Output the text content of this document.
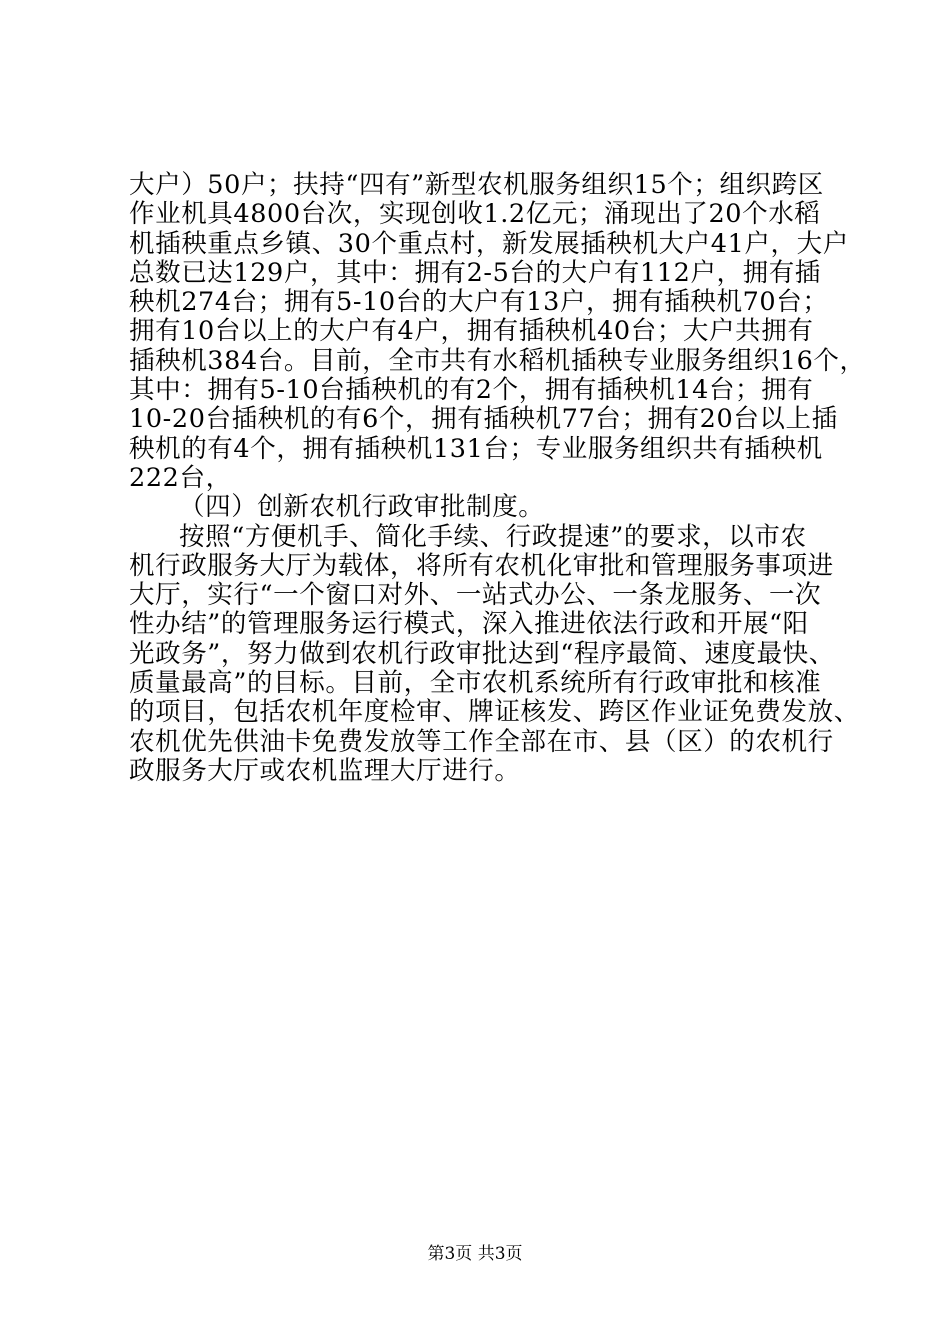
大户）50户；扶持“四有”新型农机服务组织15个；组织跨区
作业机具4800台次，实现创收1.2亿元；涌现出了20个水稻
机插秧重点乡镇、30个重点村，新发展插秧机大户41户，大户
总数已达129户，其中：拥有2-5台的大户有112户，拥有插
秧机274台；拥有5-10台的大户有13户，拥有插秧机70台；
拥有10台以上的大户有4户，拥有插秧机40台；大户共拥有
插秧机384台。目前，全市共有水稻机插秧专业服务组织16个，
其中：拥有5-10台插秧机的有2个，拥有插秧机14台；拥有
10-20台插秧机的有6个，拥有插秧机77台；拥有20台以上插
秧机的有4个，拥有插秧机131台；专业服务组织共有插秧机
222台，
（四）创新农机行政审批制度。
按照“方便机手、简化手续、行政提速”的要求，以市农
机行政服务大厅为载体，将所有农机化审批和管理服务事项进
大厅，实行“一个窗口对外、一站式办公、一条龙服务、一次
性办结”的管理服务运行模式，深入推进依法行政和开展“阳
光政务”，努力做到农机行政审批达到“程序最简、速度最快、
质量最高”的目标。目前，全市农机系统所有行政审批和核准
的项目，包括农机年度检审、牌证核发、跨区作业证免费发放、
农机优先供油卡免费发放等工作全部在市、县（区）的农机行
政服务大厅或农机监理大厅进行。
第3页 共3页
